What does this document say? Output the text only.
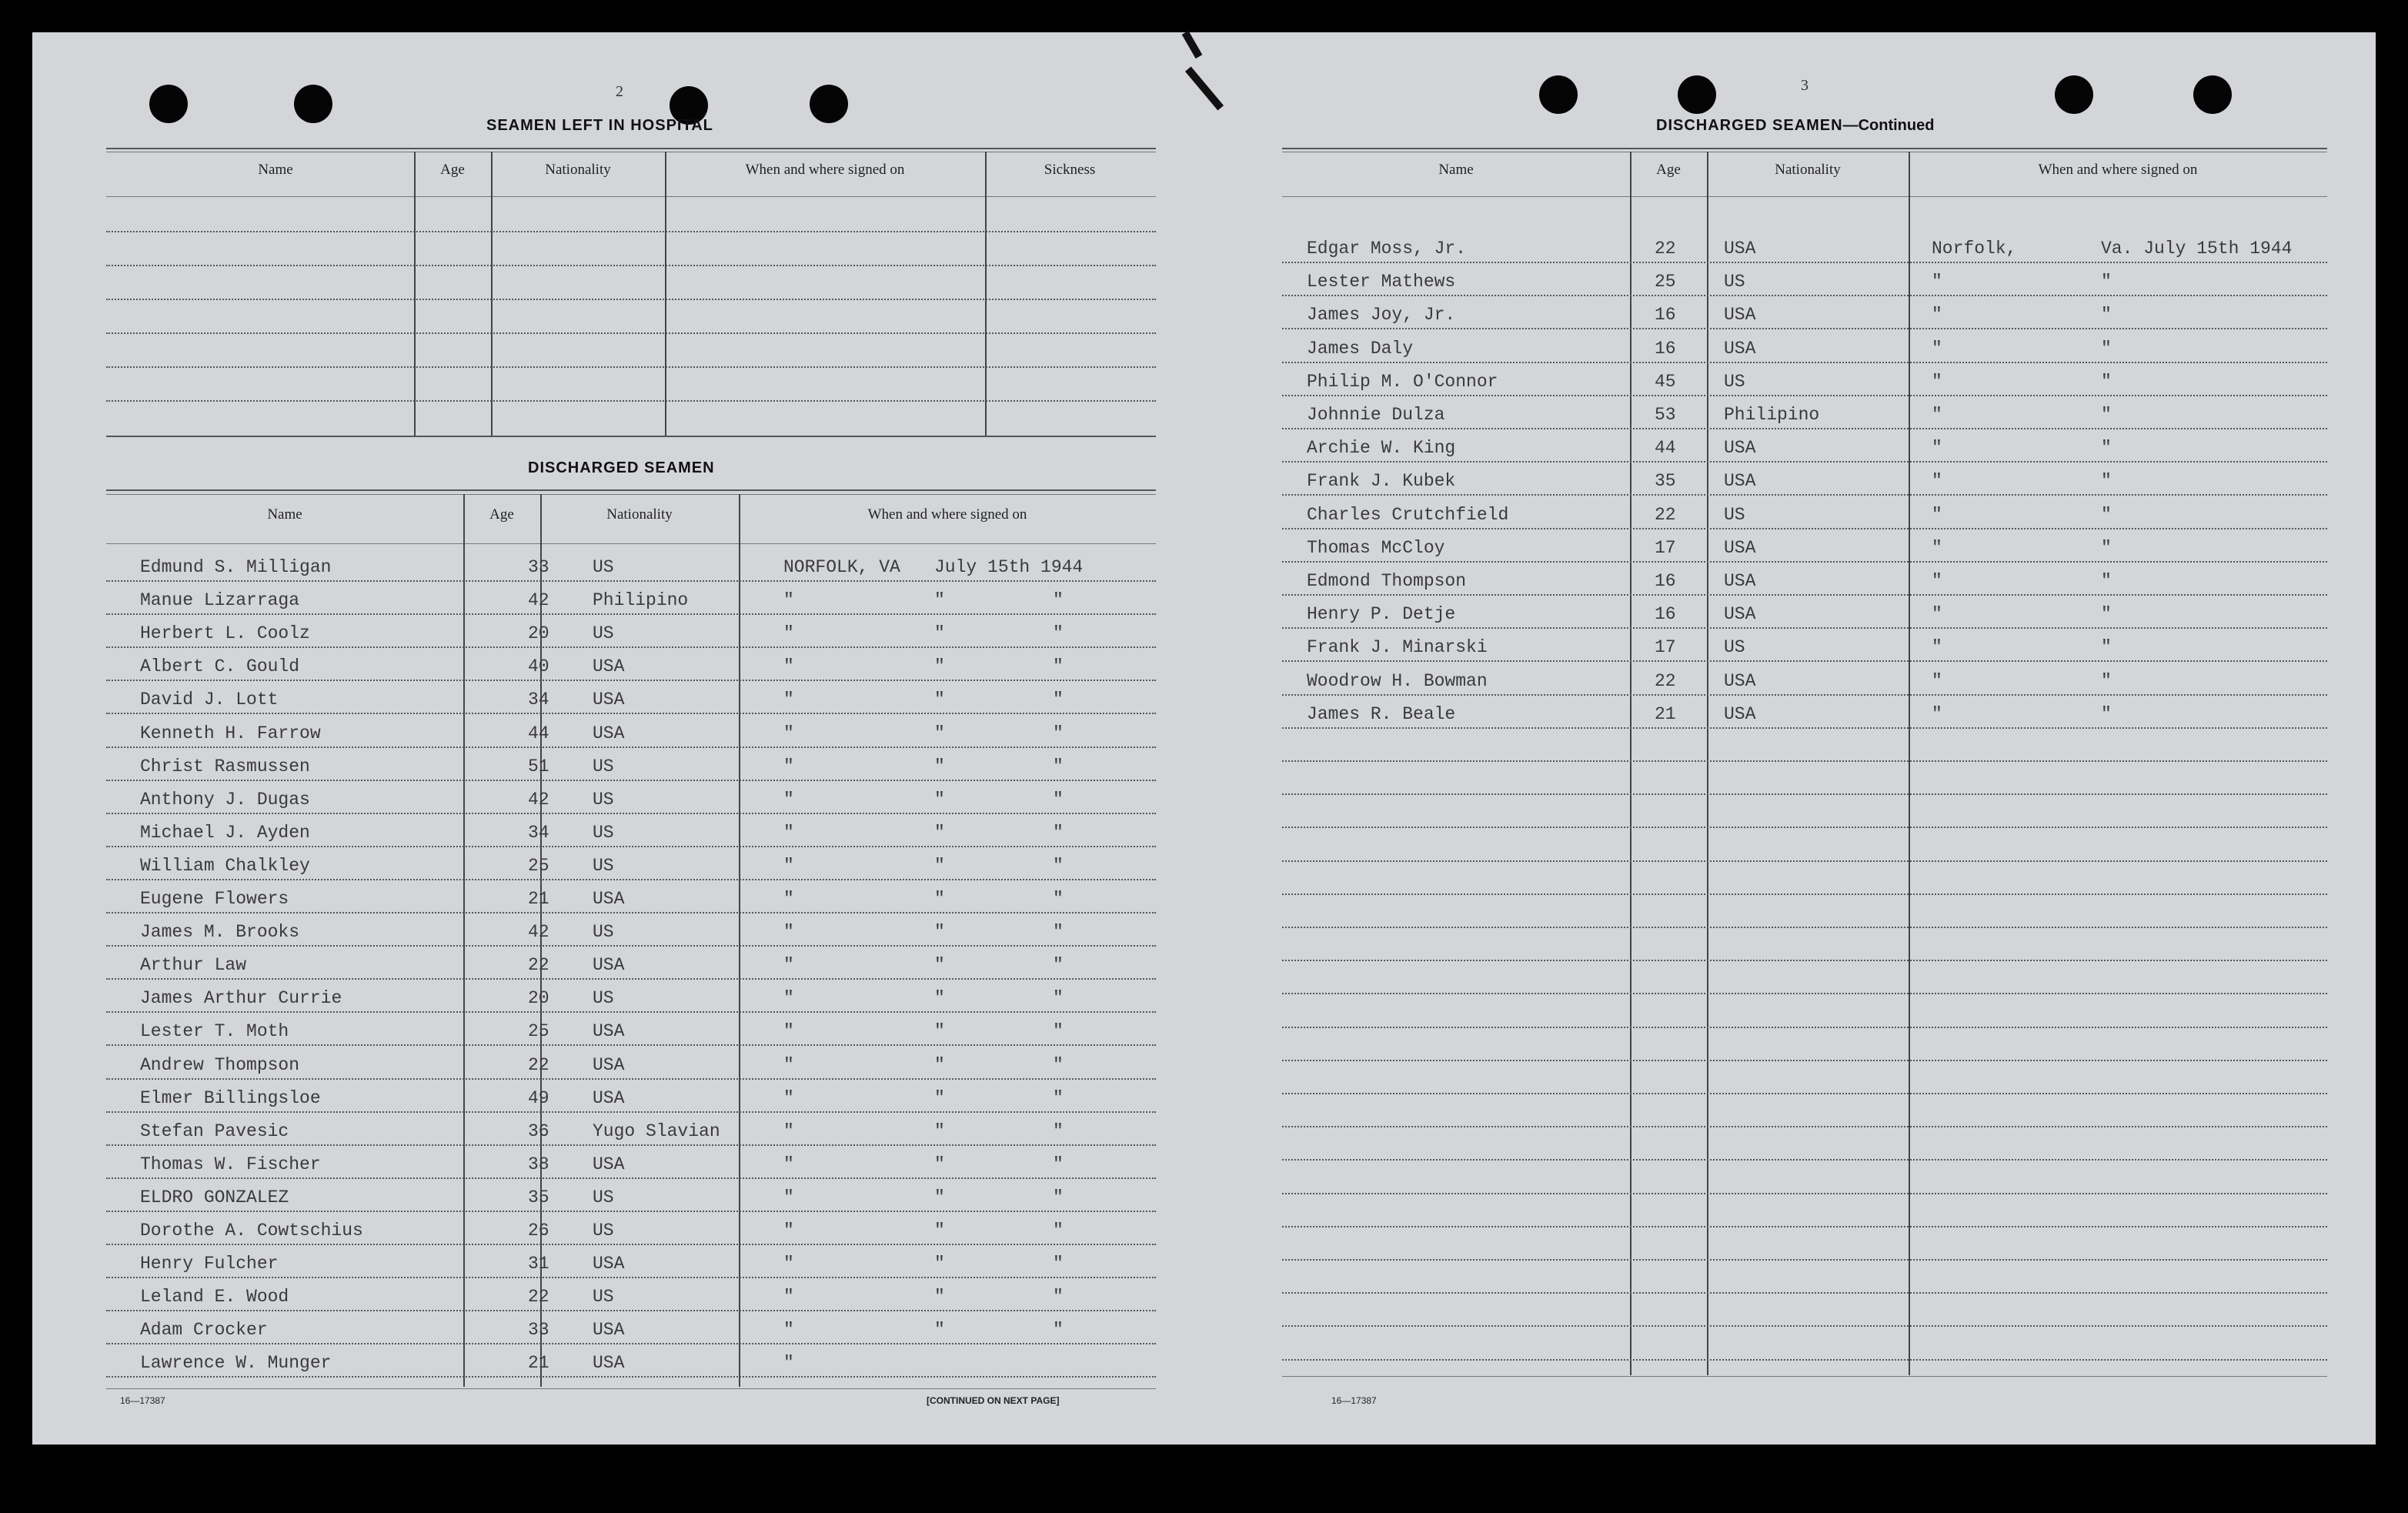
2
SEAMEN LEFT IN HOSPITAL
Name	Age	Nationality	When and where signed on	Sickness
DISCHARGED SEAMEN
Name	Age	Nationality	When and where signed on
Edmund S. Milligan	33 US	NORFOLK, VA July 15th 1944
Manue Lizarraga	42 Philipino	"	"	"
Herbert L. Coolz	20 US	"	"	"
Albert C. Gould	40 USA	"	"	"
David J. Lott	34 USA	"	"	"
Kenneth H. Farrow	44 USA	"	"	"
Christ Rasmussen	51 US	"	"	"
Anthony J. Dugas	42 US	"	"	"
Michael J. Ayden	34 US	"	"	"
William Chalkley	25 US	"	"	"
Eugene Flowers	21 USA	"	"	"
James M. Brooks	42 US	"	"	"
Arthur Law	22 USA	"	"	"
James Arthur Currie	20 US	"	"	"
Lester T. Moth	25 USA	"	"	"
Andrew Thompson	22 USA	"	"	"
Elmer Billingsloe	49 USA	"	"	"
Stefan Pavesic	36 Yugo Slavian	"	"	"
Thomas W. Fischer	38 USA	"	"	"
ELDRO GONZALEZ	35 US	"	"	"
Dorothe A. Cowtschius	26 US	"	"	"
Henry Fulcher	31 USA	"	"	"
Leland E. Wood	22 US	"	"	"
Adam Crocker	33 USA	"	"	"
Lawrence W. Munger	21 USA	"
16—17387	[CONTINUED ON NEXT PAGE]
3
DISCHARGED SEAMEN—Continued
Name	Age	Nationality	When and where signed on
Edgar Moss, Jr.	22	USA	Norfolk,	Va. July 15th 1944
Lester Mathews	25	US	"	"
James Joy, Jr.	16	USA	"	"
James Daly	16	USA	"	"
Philip M. O'Connor	45	US	"	"
Johnnie Dulza	53	Philipino	"	"
Archie W. King	44	USA	"	"
Frank J. Kubek	35	USA	"	"
Charles Crutchfield	22	US	"	"
Thomas McCloy	17	USA	"	"
Edmond Thompson	16	USA	"	"
Henry P. Detje	16	USA	"	"
Frank J. Minarski	17	US	"	"
Woodrow H. Bowman	22	USA	"	"
James R. Beale	21	USA	"	"
16—17387
